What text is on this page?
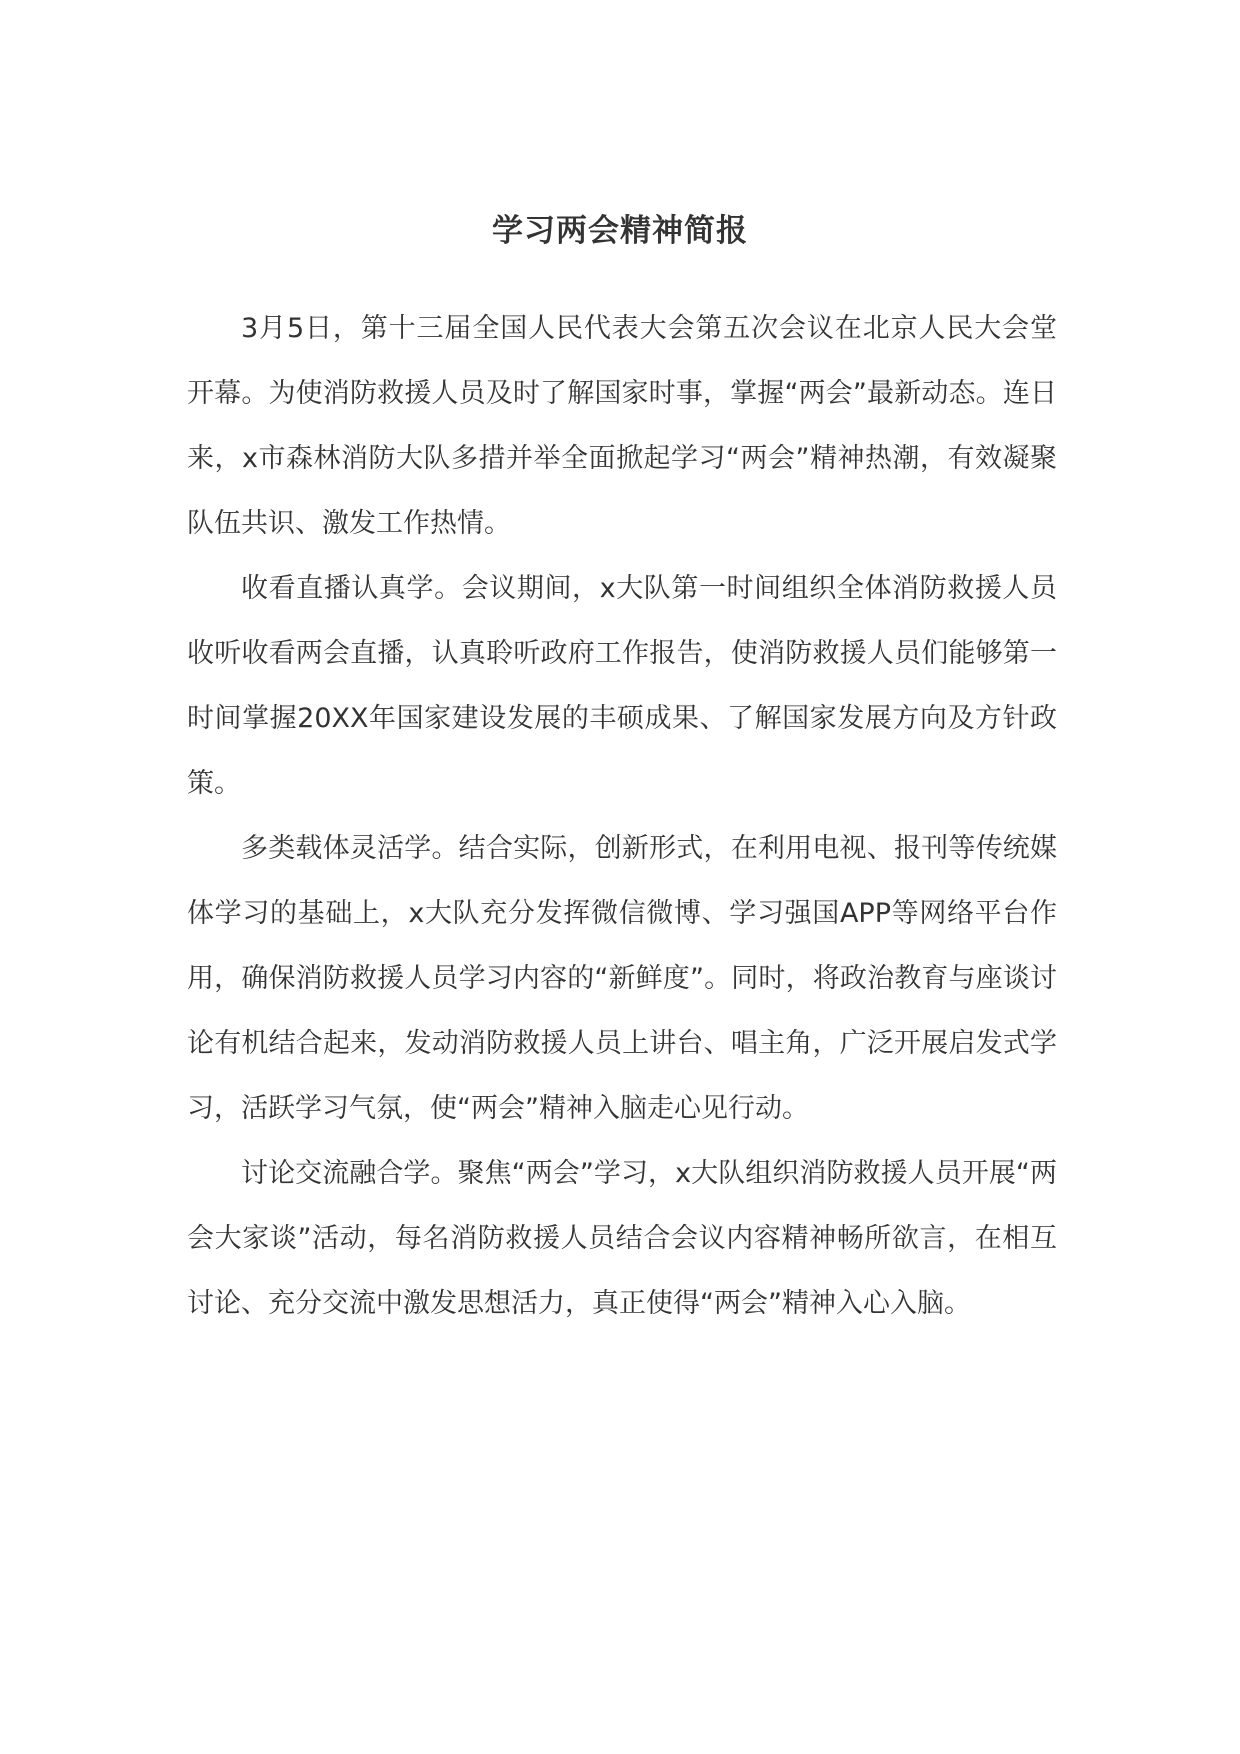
学习两会精神简报

3月5日，第十三届全国人民代表大会第五次会议在北京人民大会堂开幕。为使消防救援人员及时了解国家时事，掌握“两会”最新动态。连日来，x市森林消防大队多措并举全面掀起学习“两会”精神热潮，有效凝聚队伍共识、激发工作热情。

收看直播认真学。会议期间，x大队第一时间组织全体消防救援人员收听收看两会直播，认真聆听政府工作报告，使消防救援人员们能够第一时间掌握20XX年国家建设发展的丰硕成果、了解国家发展方向及方针政策。

多类载体灵活学。结合实际，创新形式，在利用电视、报刊等传统媒体学习的基础上，x大队充分发挥微信微博、学习强国APP等网络平台作用，确保消防救援人员学习内容的“新鲜度”。同时，将政治教育与座谈讨论有机结合起来，发动消防救援人员上讲台、唱主角，广泛开展启发式学习，活跃学习气氛，使“两会”精神入脑走心见行动。

讨论交流融合学。聚焦“两会”学习，x大队组织消防救援人员开展“两会大家谈”活动，每名消防救援人员结合会议内容精神畅所欲言，在相互讨论、充分交流中激发思想活力，真正使得“两会”精神入心入脑。
